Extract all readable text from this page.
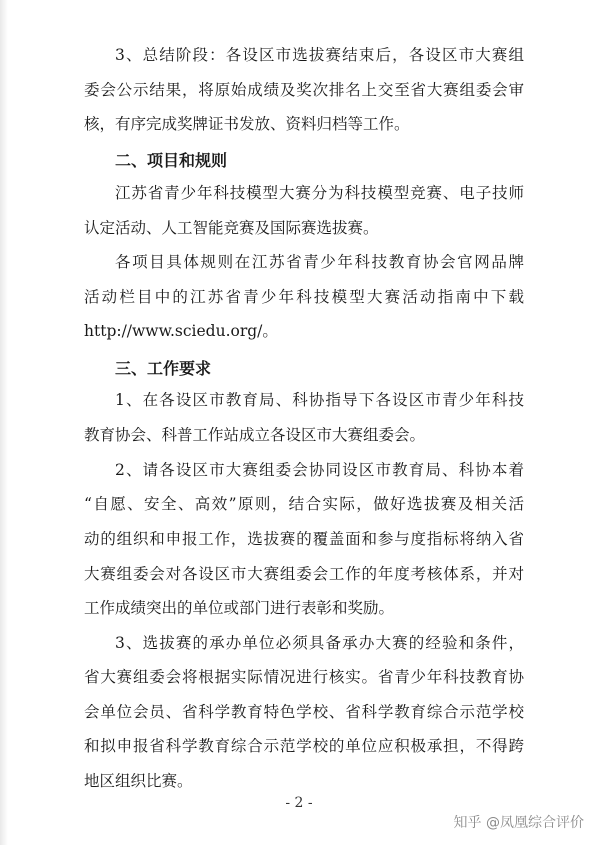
3、总结阶段：各设区市选拔赛结束后，各设区市大赛组
委会公示结果，将原始成绩及奖次排名上交至省大赛组委会审
核，有序完成奖牌证书发放、资料归档等工作。
二、项目和规则
江苏省青少年科技模型大赛分为科技模型竞赛、电子技师
认定活动、人工智能竞赛及国际赛选拔赛。
各项目具体规则在江苏省青少年科技教育协会官网品牌
活动栏目中的江苏省青少年科技模型大赛活动指南中下载
http://www.sciedu.org/。
三、工作要求
1、在各设区市教育局、科协指导下各设区市青少年科技
教育协会、科普工作站成立各设区市大赛组委会。
2、请各设区市大赛组委会协同设区市教育局、科协本着
“自愿、安全、高效”原则，结合实际，做好选拔赛及相关活
动的组织和申报工作，选拔赛的覆盖面和参与度指标将纳入省
大赛组委会对各设区市大赛组委会工作的年度考核体系，并对
工作成绩突出的单位或部门进行表彰和奖励。
3、选拔赛的承办单位必须具备承办大赛的经验和条件，
省大赛组委会将根据实际情况进行核实。省青少年科技教育协
会单位会员、省科学教育特色学校、省科学教育综合示范学校
和拟申报省科学教育综合示范学校的单位应积极承担，不得跨
地区组织比赛。
- 2 -
知乎 @凤凰综合评价
